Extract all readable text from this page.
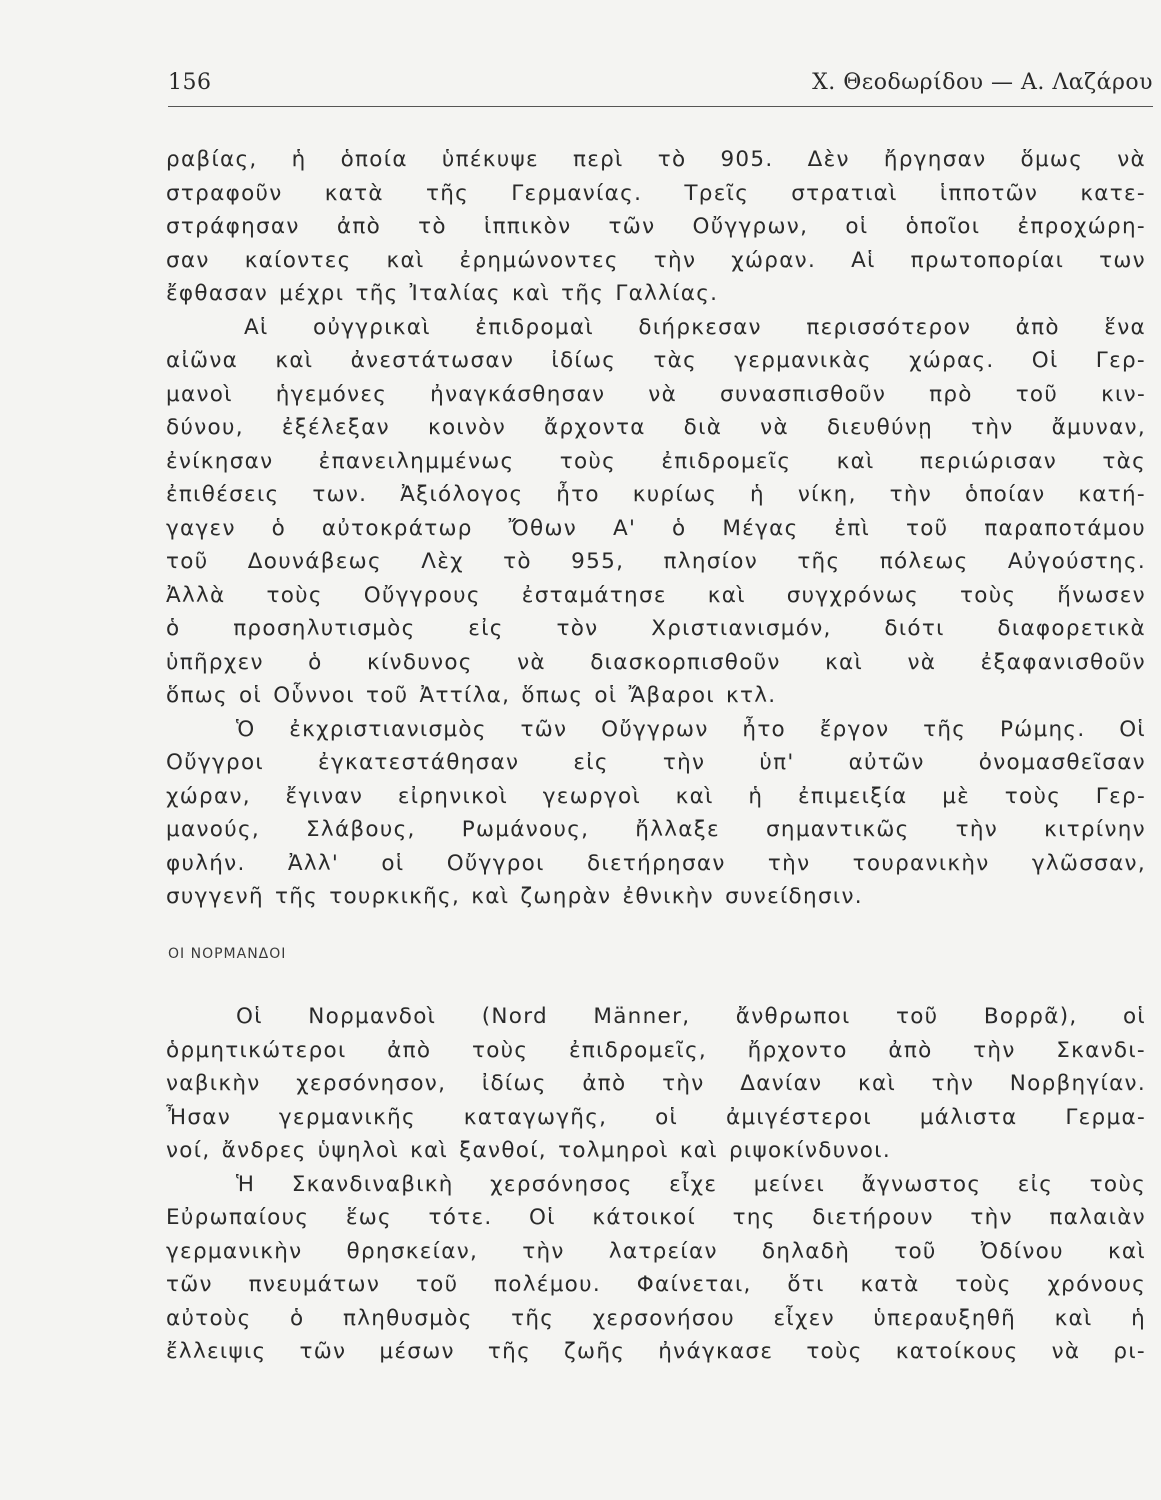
156	Χ. Θεοδωρίδου — Α. Λαζάρου
ραβίας, ἡ ὁποία ὑπέκυψε περὶ τὸ 905. Δὲν ἤργησαν ὅμως νὰ
στραφοῦν κατὰ τῆς Γερμανίας. Τρεῖς στρατιαὶ ἱπποτῶν κατε-
στράφησαν ἀπὸ τὸ ἱππικὸν τῶν Οὔγγρων, οἱ ὁποῖοι ἐπροχώρη-
σαν καίοντες καὶ ἐρημώνοντες τὴν χώραν. Αἱ πρωτοπορίαι των
ἔφθασαν μέχρι τῆς Ἰταλίας καὶ τῆς Γαλλίας.
Αἱ οὐγγρικαὶ ἐπιδρομαὶ διήρκεσαν περισσότερον ἀπὸ ἕνα
αἰῶνα καὶ ἀνεστάτωσαν ἰδίως τὰς γερμανικὰς χώρας. Οἱ Γερ-
μανοὶ ἡγεμόνες ἠναγκάσθησαν νὰ συνασπισθοῦν πρὸ τοῦ κιν-
δύνου, ἐξέλεξαν κοινὸν ἄρχοντα διὰ νὰ διευθύνῃ τὴν ἄμυναν,
ἐνίκησαν ἐπανειλημμένως τοὺς ἐπιδρομεῖς καὶ περιώρισαν τὰς
ἐπιθέσεις των. Ἀξιόλογος ἦτο κυρίως ἡ νίκη, τὴν ὁποίαν κατή-
γαγεν ὁ αὐτοκράτωρ Ὄθων Α' ὁ Μέγας ἐπὶ τοῦ παραποτάμου
τοῦ Δουνάβεως Λὲχ τὸ 955, πλησίον τῆς πόλεως Αὐγούστης.
Ἀλλὰ τοὺς Οὔγγρους ἐσταμάτησε καὶ συγχρόνως τοὺς ἥνωσεν
ὁ προσηλυτισμὸς εἰς τὸν Χριστιανισμόν, διότι διαφορετικὰ
ὑπῆρχεν ὁ κίνδυνος νὰ διασκορπισθοῦν καὶ νὰ ἐξαφανισθοῦν
ὅπως οἱ Οὗννοι τοῦ Ἀττίλα, ὅπως οἱ Ἄβαροι κτλ.
Ὁ ἐκχριστιανισμὸς τῶν Οὔγγρων ἦτο ἔργον τῆς Ρώμης. Οἱ
Οὔγγροι ἐγκατεστάθησαν εἰς τὴν ὑπ' αὐτῶν ὀνομασθεῖσαν
χώραν, ἔγιναν εἰρηνικοὶ γεωργοὶ καὶ ἡ ἐπιμειξία μὲ τοὺς Γερ-
μανούς, Σλάβους, Ρωμάνους, ἤλλαξε σημαντικῶς τὴν κιτρίνην
φυλήν. Ἀλλ' οἱ Οὔγγροι διετήρησαν τὴν τουρανικὴν γλῶσσαν,
συγγενῆ τῆς τουρκικῆς, καὶ ζωηρὰν ἐθνικὴν συνείδησιν.
ΟΙ ΝΟΡΜΑΝΔΟΙ
Οἱ Νορμανδοὶ (Nord Männer, ἄνθρωποι τοῦ Βορρᾶ), οἱ
ὁρμητικώτεροι ἀπὸ τοὺς ἐπιδρομεῖς, ἤρχοντο ἀπὸ τὴν Σκανδι-
ναβικὴν χερσόνησον, ἰδίως ἀπὸ τὴν Δανίαν καὶ τὴν Νορβηγίαν.
Ἦσαν γερμανικῆς καταγωγῆς, οἱ ἀμιγέστεροι μάλιστα Γερμα-
νοί, ἄνδρες ὑψηλοὶ καὶ ξανθοί, τολμηροὶ καὶ ριψοκίνδυνοι.
Ἡ Σκανδιναβικὴ χερσόνησος εἶχε μείνει ἄγνωστος εἰς τοὺς
Εὐρωπαίους ἕως τότε. Οἱ κάτοικοί της διετήρουν τὴν παλαιὰν
γερμανικὴν θρησκείαν, τὴν λατρείαν δηλαδὴ τοῦ Ὀδίνου καὶ
τῶν πνευμάτων τοῦ πολέμου. Φαίνεται, ὅτι κατὰ τοὺς χρόνους
αὐτοὺς ὁ πληθυσμὸς τῆς χερσονήσου εἶχεν ὑπεραυξηθῆ καὶ ἡ
ἔλλειψις τῶν μέσων τῆς ζωῆς ἠνάγκασε τοὺς κατοίκους νὰ ρι-
